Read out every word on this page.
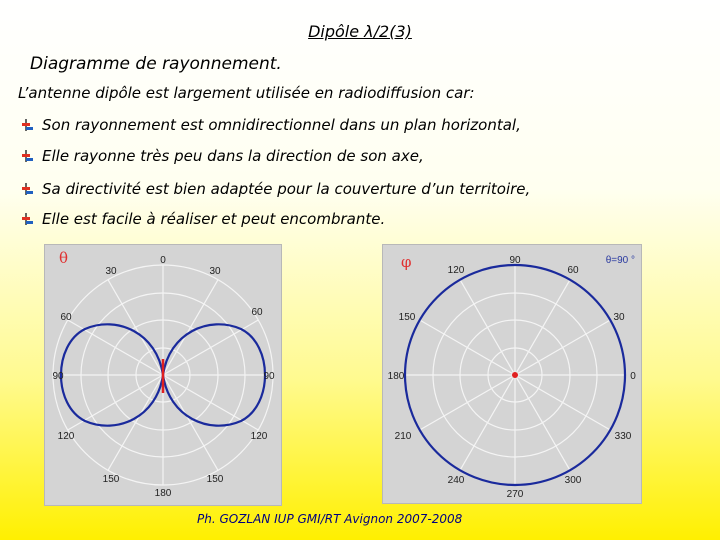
Dipôle λ/2(3)
Diagramme de rayonnement.
L’antenne dipôle est largement utilisée en radiodiffusion car:
Son rayonnement est omnidirectionnel dans un plan horizontal,
Elle rayonne très peu dans la direction de son axe,
Sa directivité est bien adaptée pour la couverture d’un territoire,
Elle est facile à réaliser et peut encombrante.
θ	0
30	30
60	60
90	90
120	120
150	150
180
φ	θ=90 °
90
120	60
150	30
180	0
210	330
240	300
270
Ph. GOZLAN IUP GMI/RT Avignon 2007-2008
